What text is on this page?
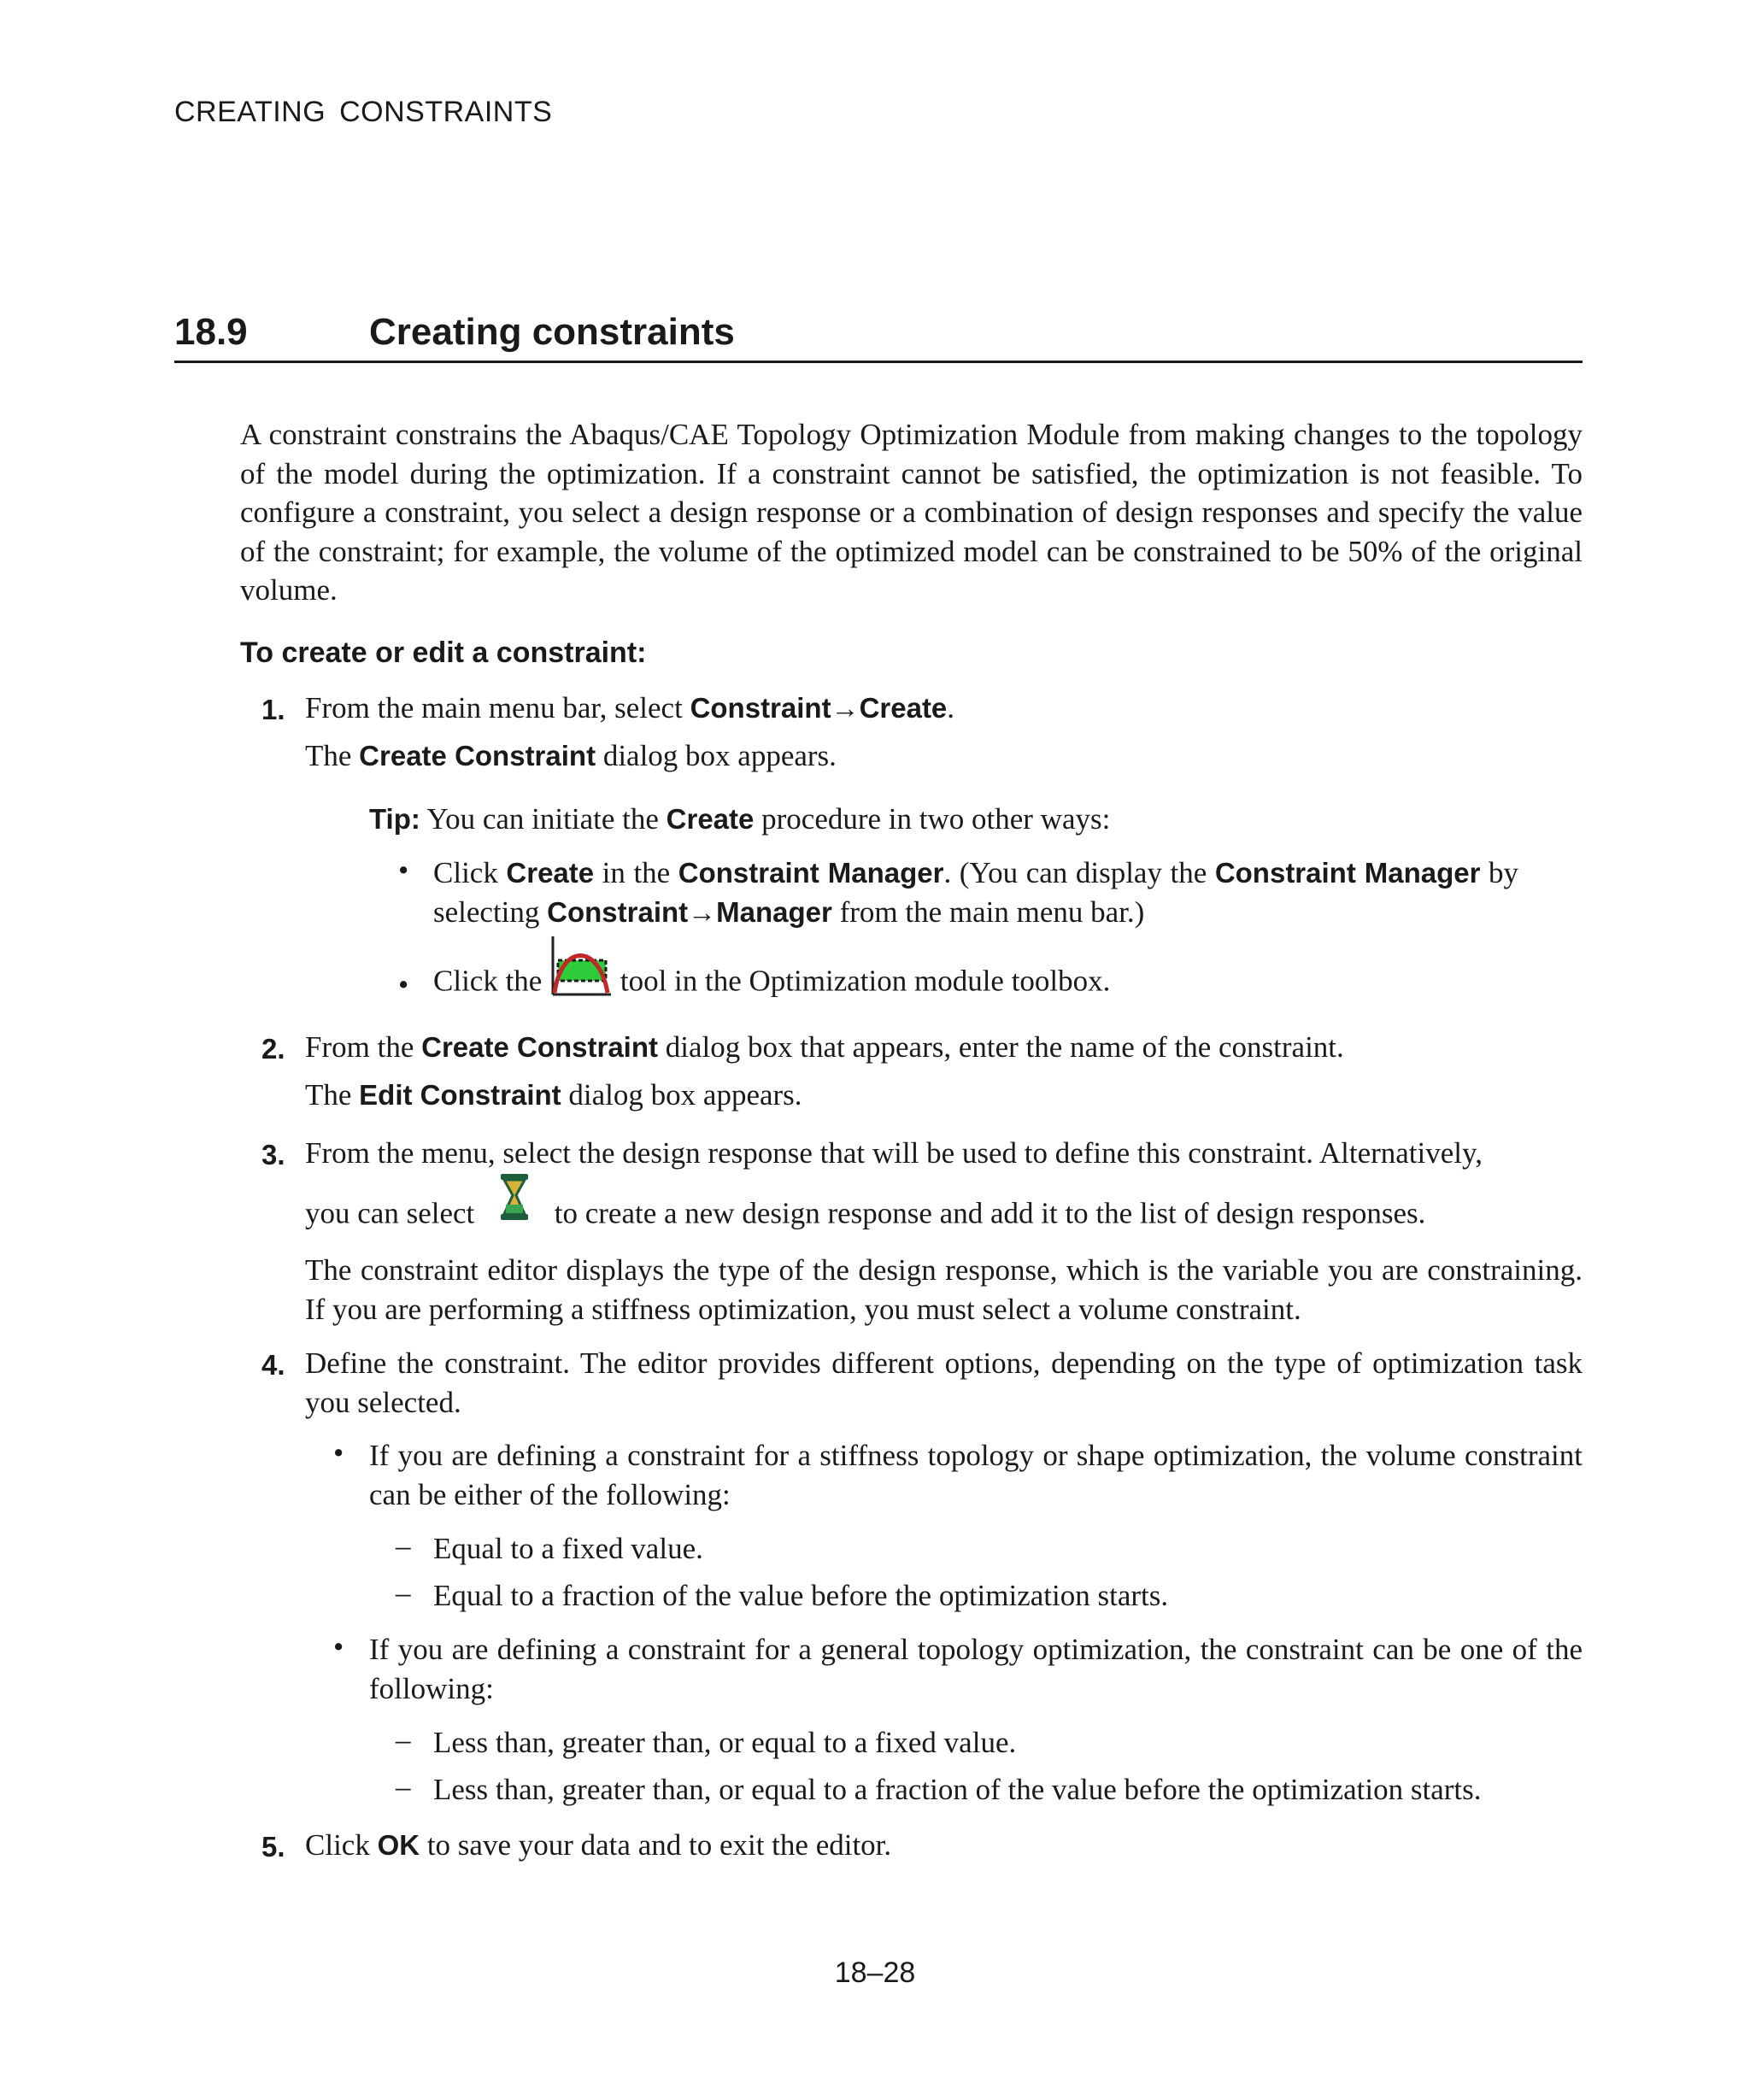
CREATING CONSTRAINTS
18.9	Creating constraints
A constraint constrains the Abaqus/CAE Topology Optimization Module from making changes to the topology of the model during the optimization. If a constraint cannot be satisfied, the optimization is not feasible. To configure a constraint, you select a design response or a combination of design responses and specify the value of the constraint; for example, the volume of the optimized model can be constrained to be 50% of the original volume.
To create or edit a constraint:
1. From the main menu bar, select Constraint→Create.
The Create Constraint dialog box appears.
Tip: You can initiate the Create procedure in two other ways:
• Click Create in the Constraint Manager. (You can display the Constraint Manager by selecting Constraint→Manager from the main menu bar.)
• Click the  tool in the Optimization module toolbox.
2. From the Create Constraint dialog box that appears, enter the name of the constraint.
The Edit Constraint dialog box appears.
3. From the menu, select the design response that will be used to define this constraint. Alternatively,
you can select  to create a new design response and add it to the list of design responses.
The constraint editor displays the type of the design response, which is the variable you are constraining. If you are performing a stiffness optimization, you must select a volume constraint.
4. Define the constraint. The editor provides different options, depending on the type of optimization task you selected.
• If you are defining a constraint for a stiffness topology or shape optimization, the volume constraint can be either of the following:
– Equal to a fixed value.
– Equal to a fraction of the value before the optimization starts.
• If you are defining a constraint for a general topology optimization, the constraint can be one of the following:
– Less than, greater than, or equal to a fixed value.
– Less than, greater than, or equal to a fraction of the value before the optimization starts.
5. Click OK to save your data and to exit the editor.
18–28
